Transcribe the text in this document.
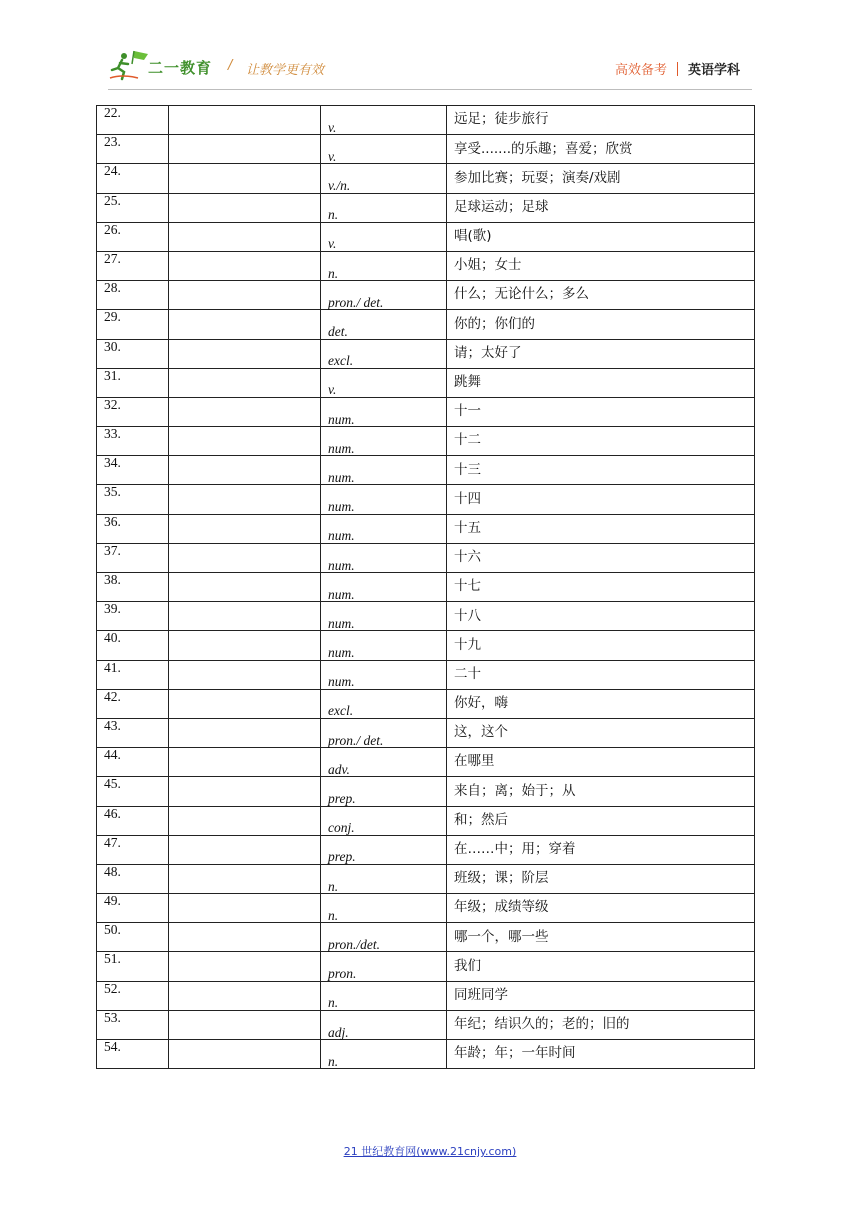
二一教育 / 让教学更有效	高效备考 英语学科
22.		v.	远足；徒步旅行
23.		v.	享受.......的乐趣；喜爱；欣赏
24.		v./n.	参加比赛；玩耍；演奏/戏剧
25.		n.	足球运动；足球
26.		v.	唱(歌)
27.		n.	小姐；女士
28.		pron./ det.	什么；无论什么；多么
29.		det.	你的；你们的
30.		excl.	请；太好了
31.		v.	跳舞
32.		num.	十一
33.		num.	十二
34.		num.	十三
35.		num.	十四
36.		num.	十五
37.		num.	十六
38.		num.	十七
39.		num.	十八
40.		num.	十九
41.		num.	二十
42.		excl.	你好，嗨
43.		pron./ det.	这，这个
44.		adv.	在哪里
45.		prep.	来自；离；始于；从
46.		conj.	和；然后
47.		prep.	在……中；用；穿着
48.		n.	班级；课；阶层
49.		n.	年级；成绩等级
50.		pron./det.	哪一个，哪一些
51.		pron.	我们
52.		n.	同班同学
53.		adj.	年纪；结识久的；老的；旧的
54.		n.	年龄；年；一年时间
21 世纪教育网(www.21cnjy.com)
